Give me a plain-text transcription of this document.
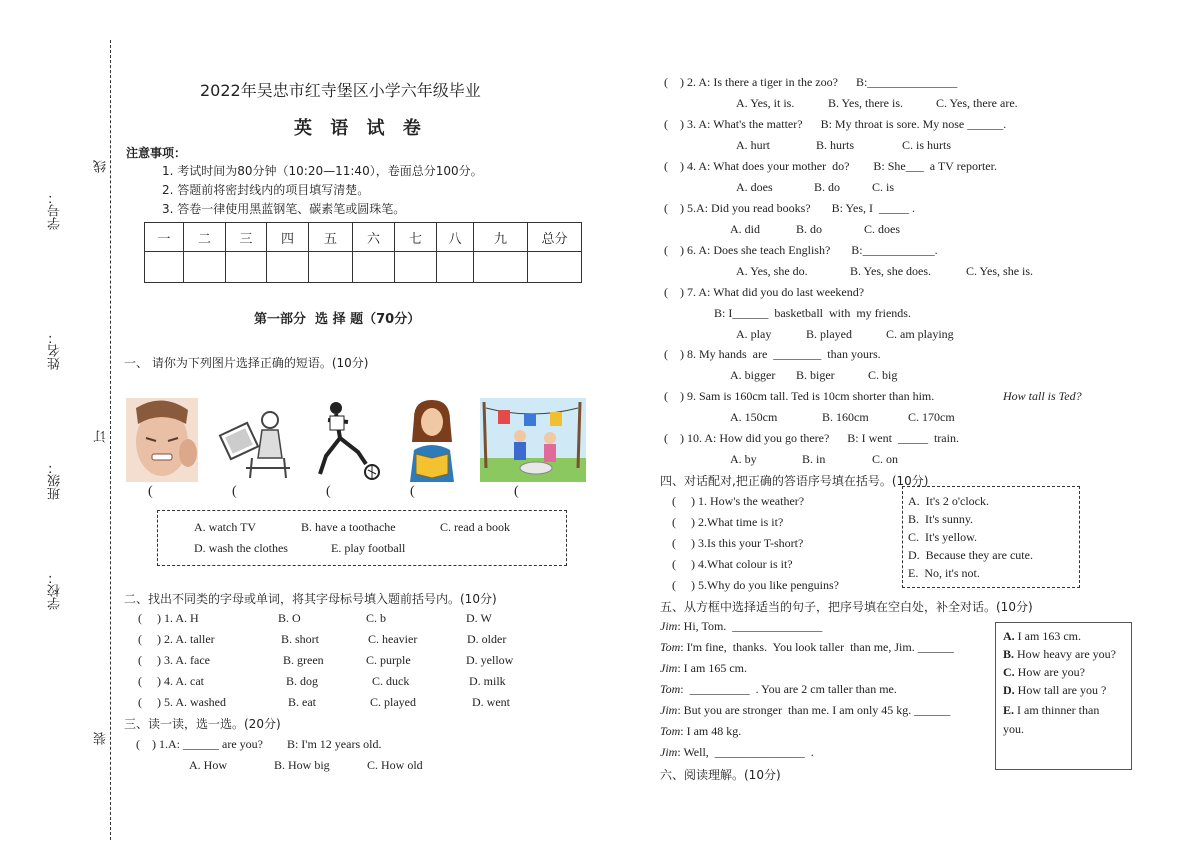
学号：
姓名：
班级：
学校：
线
订
装
2022年吴忠市红寺堡区小学六年级毕业
英 语 试 卷
注意事项：
1. 考试时间为80分钟（10:20—11:40），卷面总分100分。
2. 答题前将密封线内的项目填写清楚。
3. 答卷一律使用黑蓝钢笔、碳素笔或圆珠笔。
一	二	三	四	五	六	七	八	九	总分

第一部分  选 择 题（70分）
一、 请你为下列图片选择正确的短语。(10分)
(	(	(	(	(
A. watch TV	B. have a toothache	C. read a book
D. wash the clothes	E. play football
二、找出不同类的字母或单词，将其字母标号填入题前括号内。(10分)
(     ) 1. A. H	B. O	C. b	D. W
(     ) 2. A. taller	B. short	C. heavier	D. older
(     ) 3. A. face	B. green	C. purple	D. yellow
(     ) 4. A. cat	B. dog	C. duck	D. milk
(     ) 5. A. washed	B. eat	C. played	D. went
三、读一读，选一选。(20分)
(    ) 1.A: ______ are you?        B: I'm 12 years old.
A. How	B. How big	C. How old
(    ) 2. A: Is there a tiger in the zoo?      B:_______________
A. Yes, it is.	B. Yes, there is.	C. Yes, there are.
(    ) 3. A: What's the matter?      B: My throat is sore. My nose ______.
A. hurt	B. hurts	C. is hurts
(    ) 4. A: What does your mother  do?        B: She___  a TV reporter.
A. does	B. do	C. is
(    ) 5.A: Did you read books?       B: Yes, I  _____ .
A. did	B. do	C. does
(    ) 6. A: Does she teach English?       B:____________.
A. Yes, she do.	B. Yes, she does.	C. Yes, she is.
(    ) 7. A: What did you do last weekend?
B: I______  basketball  with  my friends.
A. play	B. played	C. am playing
(    ) 8. My hands  are  ________  than yours.
A. bigger B. biger	C. big
(    ) 9. Sam is 160cm tall. Ted is 10cm shorter than him.	How tall is Ted?
A. 150cm	B. 160cm	C. 170cm
(    ) 10. A: How did you go there?      B: I went  _____  train.
A. by	B. in	C. on
四、对话配对,把正确的答语序号填在括号。(10分)
(     ) 1. How's the weather?
(     ) 2.What time is it?
(     ) 3.Is this your T-short?
(     ) 4.What colour is it?
(     ) 5.Why do you like penguins?
A.  It's 2 o'clock.
B.  It's sunny.
C.  It's yellow.
D.  Because they are cute.
E.  No, it's not.
五、从方框中选择适当的句子，把序号填在空白处，补全对话。(10分)
Jim: Hi, Tom.  _______________
Tom: I'm fine,  thanks.  You look taller  than me, Jim. ______
Jim: I am 165 cm.
Tom:  __________  . You are 2 cm taller than me.
Jim: But you are stronger  than me. I am only 45 kg. ______
Tom: I am 48 kg.
Jim: Well,  _______________  .
A. I am 163 cm.
B. How heavy are you?
C. How are you?
D. How tall are you ?
E. I am thinner than you.
六、阅读理解。(10分)
